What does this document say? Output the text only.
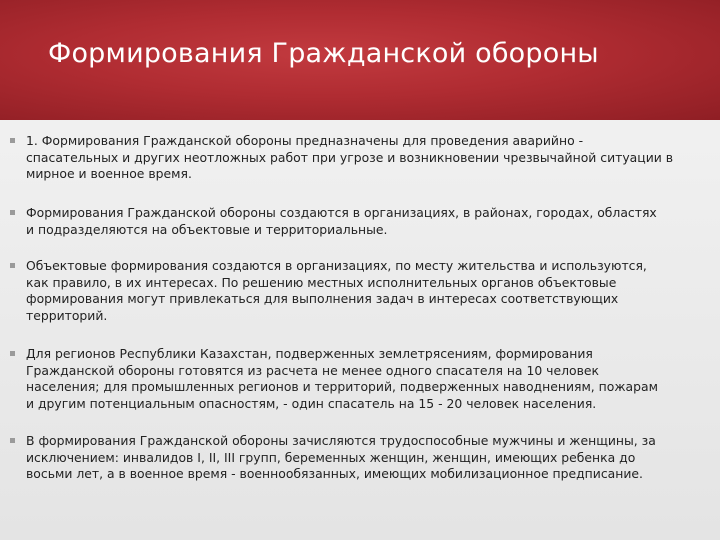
Формирования Гражданской обороны

1. Формирования Гражданской обороны предназначены для проведения аварийно -
спасательных и других неотложных работ при угрозе и возникновении чрезвычайной ситуации в
мирное и военное время.

Формирования Гражданской обороны создаются в организациях, в районах, городах, областях
и подразделяются на объектовые и территориальные.

Объектовые формирования создаются в организациях, по месту жительства и используются,
как правило, в их интересах. По решению местных исполнительных органов объектовые
формирования могут привлекаться для выполнения задач в интересах соответствующих
территорий.

Для регионов Республики Казахстан, подверженных землетрясениям, формирования
Гражданской обороны готовятся из расчета не менее одного спасателя на 10 человек
населения; для промышленных регионов и территорий, подверженных наводнениям, пожарам
и другим потенциальным опасностям, - один спасатель на 15 - 20 человек населения.

В формирования Гражданской обороны зачисляются трудоспособные мужчины и женщины, за
исключением: инвалидов I, II, III групп, беременных женщин, женщин, имеющих ребенка до
восьми лет, а в военное время - военнообязанных, имеющих мобилизационное предписание.
